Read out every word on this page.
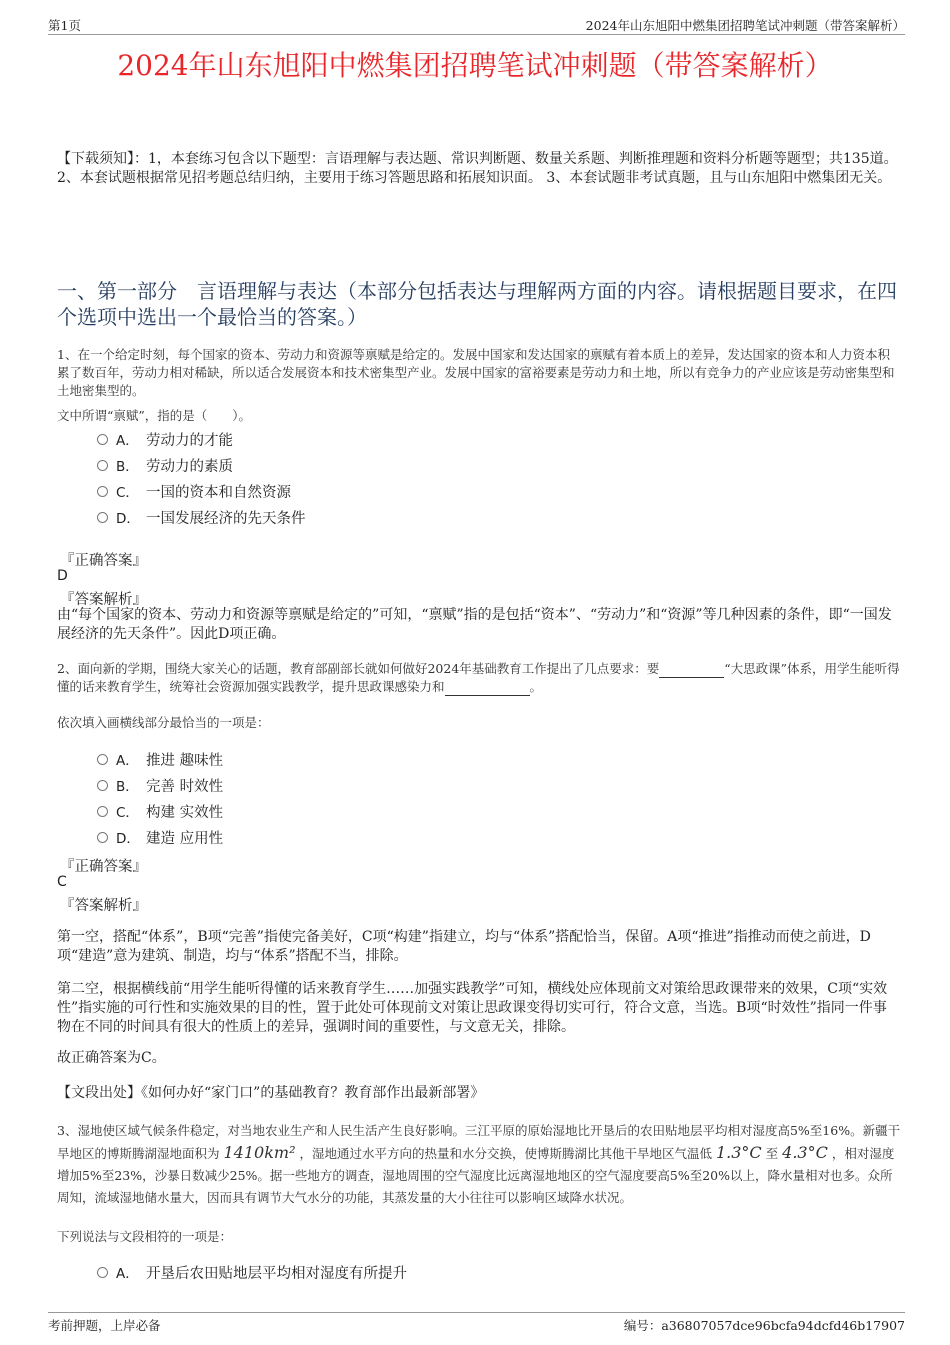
第1页	2024年山东旭阳中燃集团招聘笔试冲刺题（带答案解析）
2024年山东旭阳中燃集团招聘笔试冲刺题（带答案解析）
【下载须知】：1，本套练习包含以下题型：言语理解与表达题、常识判断题、数量关系题、判断推理题和资料分析题等题型；共135道。 2、本套试题根据常见招考题总结归纳，主要用于练习答题思路和拓展知识面。 3、本套试题非考试真题，且与山东旭阳中燃集团无关。
一、第一部分　言语理解与表达（本部分包括表达与理解两方面的内容。请根据题目要求，在四个选项中选出一个最恰当的答案。）
1、在一个给定时刻，每个国家的资本、劳动力和资源等禀赋是给定的。发展中国家和发达国家的禀赋有着本质上的差异，发达国家的资本和人力资本积累了数百年，劳动力相对稀缺，所以适合发展资本和技术密集型产业。发展中国家的富裕要素是劳动力和土地，所以有竞争力的产业应该是劳动密集型和土地密集型的。
文中所谓“禀赋”，指的是（　　）。
A． 劳动力的才能
B． 劳动力的素质
C． 一国的资本和自然资源
D． 一国发展经济的先天条件
『正确答案』
D
『答案解析』
由“每个国家的资本、劳动力和资源等禀赋是给定的”可知，“禀赋”指的是包括“资本”、“劳动力”和“资源”等几种因素的条件，即“一国发展经济的先天条件”。因此D项正确。
2、面向新的学期，围绕大家关心的话题，教育部副部长就如何做好2024年基础教育工作提出了几点要求：要	“大思政课”体系，用学生能听得懂的话来教育学生，统筹社会资源加强实践教学，提升思政课感染力和	。
依次填入画横线部分最恰当的一项是：
A． 推进 趣味性
B． 完善 时效性
C． 构建 实效性
D． 建造 应用性
『正确答案』
C
『答案解析』
第一空，搭配“体系”，B项“完善”指使完备美好，C项“构建”指建立，均与“体系”搭配恰当，保留。A项“推进”指推动而使之前进，D项“建造”意为建筑、制造，均与“体系”搭配不当，排除。
第二空，根据横线前“用学生能听得懂的话来教育学生……加强实践教学”可知，横线处应体现前文对策给思政课带来的效果，C项“实效性”指实施的可行性和实施效果的目的性，置于此处可体现前文对策让思政课变得切实可行，符合文意，当选。B项“时效性”指同一件事物在不同的时间具有很大的性质上的差异，强调时间的重要性，与文意无关，排除。
故正确答案为C。
【文段出处】《如何办好“家门口”的基础教育？教育部作出最新部署》
3、湿地使区域气候条件稳定，对当地农业生产和人民生活产生良好影响。三江平原的原始湿地比开垦后的农田贴地层平均相对湿度高5%至16%。新疆干旱地区的博斯腾湖湿地面积为 1410km² ，湿地通过水平方向的热量和水分交换，使博斯腾湖比其他干旱地区气温低 1.3°C 至 4.3°C ，相对湿度增加5%至23%，沙暴日数减少25%。据一些地方的调查，湿地周围的空气湿度比远离湿地地区的空气湿度要高5%至20%以上，降水量相对也多。众所周知，流域湿地储水量大，因而具有调节大气水分的功能，其蒸发量的大小往往可以影响区域降水状况。
下列说法与文段相符的一项是：
A． 开垦后农田贴地层平均相对湿度有所提升
考前押题，上岸必备	编号：a36807057dce96bcfa94dcfd46b17907
